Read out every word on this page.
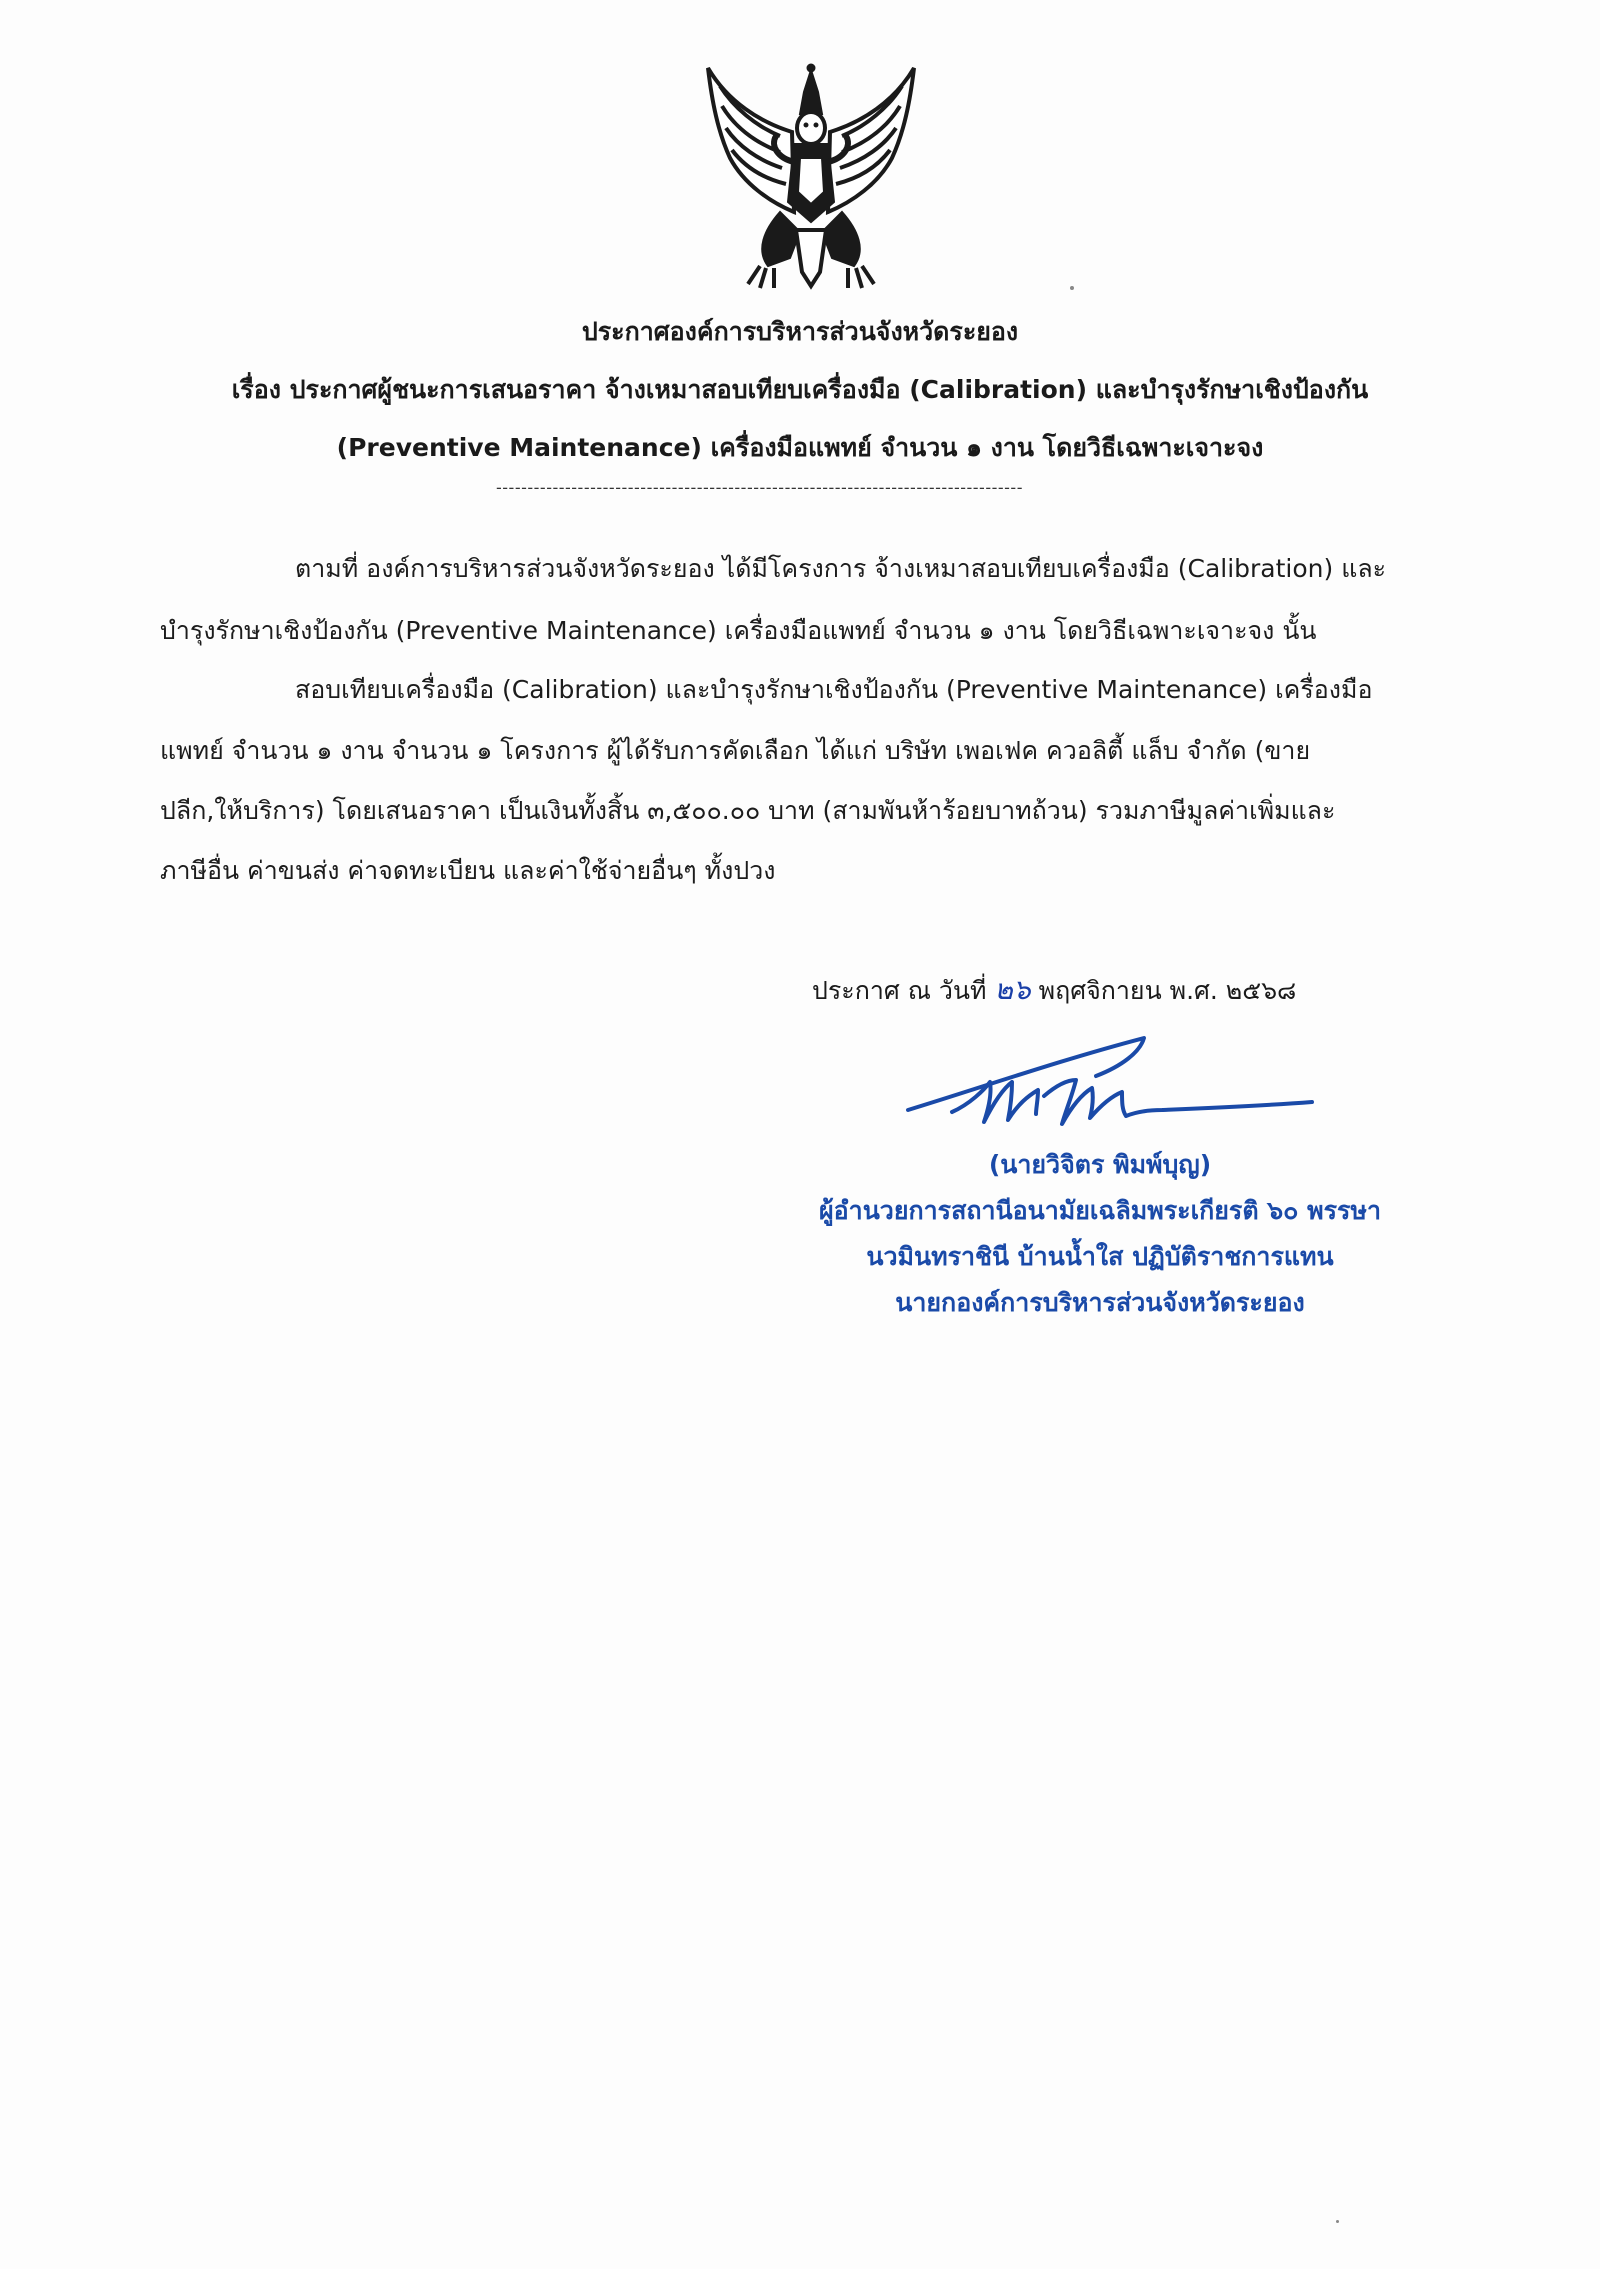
ประกาศองค์การบริหารส่วนจังหวัดระยอง
เรื่อง ประกาศผู้ชนะการเสนอราคา จ้างเหมาสอบเทียบเครื่องมือ (Calibration) และบำรุงรักษาเชิงป้องกัน
(Preventive Maintenance) เครื่องมือแพทย์ จำนวน ๑ งาน โดยวิธีเฉพาะเจาะจง
------------------------------------------------------------------------------------
ตามที่ องค์การบริหารส่วนจังหวัดระยอง ได้มีโครงการ จ้างเหมาสอบเทียบเครื่องมือ (Calibration) และ
บำรุงรักษาเชิงป้องกัน (Preventive Maintenance) เครื่องมือแพทย์ จำนวน ๑ งาน โดยวิธีเฉพาะเจาะจง นั้น
สอบเทียบเครื่องมือ (Calibration) และบำรุงรักษาเชิงป้องกัน (Preventive Maintenance) เครื่องมือ
แพทย์ จำนวน ๑ งาน จำนวน ๑ โครงการ ผู้ได้รับการคัดเลือก ได้แก่ บริษัท เพอเฟค ควอลิตี้ แล็บ จำกัด (ขาย
ปลีก,ให้บริการ) โดยเสนอราคา เป็นเงินทั้งสิ้น ๓,๕๐๐.๐๐ บาท (สามพันห้าร้อยบาทถ้วน) รวมภาษีมูลค่าเพิ่มและ
ภาษีอื่น ค่าขนส่ง ค่าจดทะเบียน และค่าใช้จ่ายอื่นๆ ทั้งปวง
ประกาศ ณ วันที่ ๒๖ พฤศจิกายน พ.ศ. ๒๕๖๘
(นายวิจิตร พิมพ์บุญ)
ผู้อำนวยการสถานีอนามัยเฉลิมพระเกียรติ ๖๐ พรรษา
นวมินทราชินี บ้านน้ำใส ปฏิบัติราชการแทน
นายกองค์การบริหารส่วนจังหวัดระยอง
